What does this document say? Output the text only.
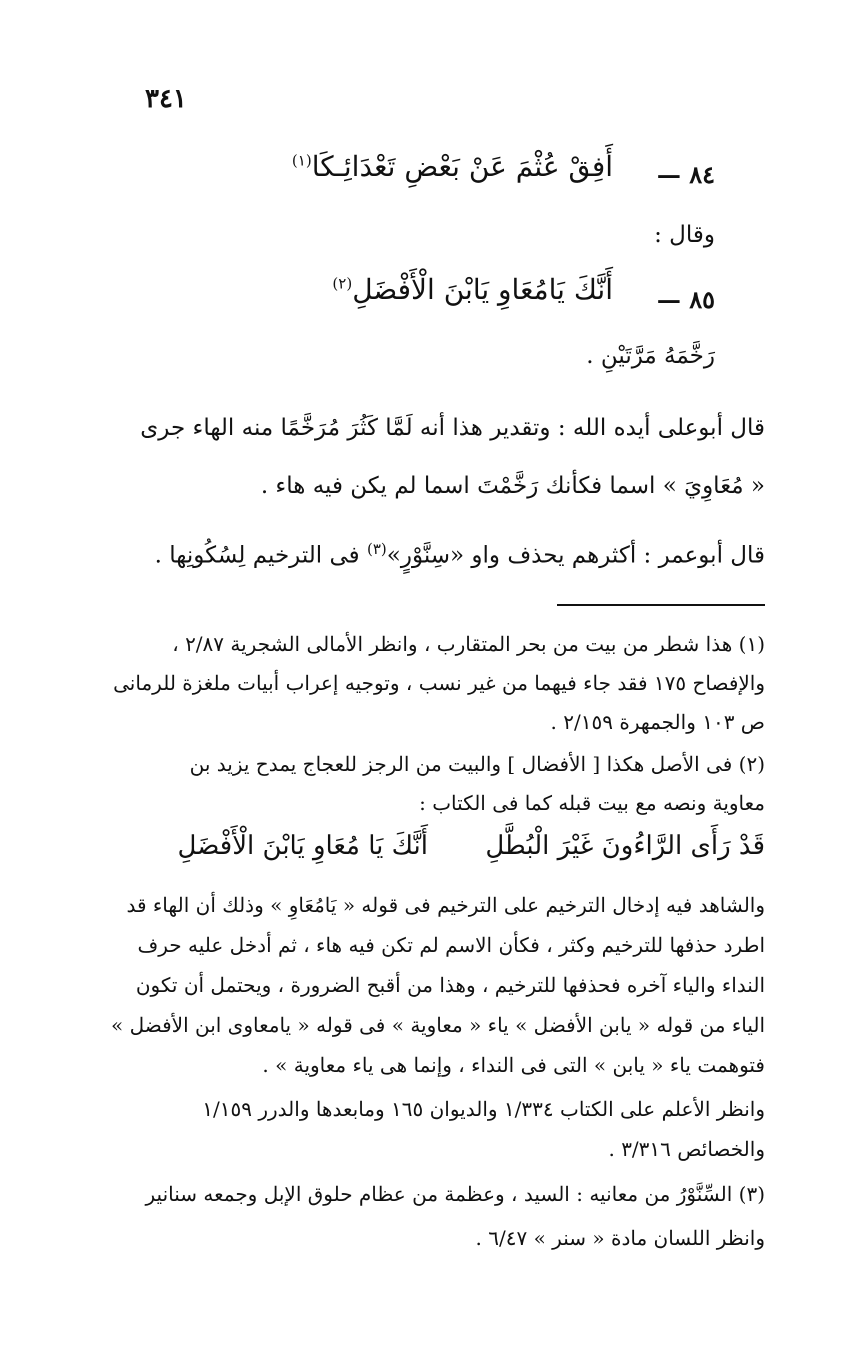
٣٤١
٨٤ —
أَفِقْ عُثْمَ عَنْ بَعْضِ تَعْدَائِـكَا$^{(١)}$
وقال :
٨٥ —
أَنَّكَ يَامُعَاوِ يَابْنَ الْأَفْضَلِ$^{(٢)}$
رَخَّمَهُ مَرَّتَيْنِ .
قال أبوعلى أيده الله : وتقدير هذا أنه لَمَّا كَثُرَ مُرَخَّمًا منه الهاء جرى
« مُعَاوِيَ » اسما فكأنك رَخَّمْتَ اسما لم يكن فيه هاء .
قال أبوعمر : أكثرهم يحذف واو «سِنَّوْرٍ»$^{(٣)}$ فى الترخيم لِسُكُونِها .
(١) هذا شطر من بيت من بحر المتقارب ، وانظر الأمالى الشجرية ٢/٨٧ ،
والإفصاح ١٧٥ فقد جاء فيهما من غير نسب ، وتوجيه إعراب أبيات ملغزة للرمانى
ص ١٠٣ والجمهرة ٢/١٥٩ .
(٢) فى الأصل هكذا [ الأفضال ] والبيت من الرجز للعجاج يمدح يزيد بن
معاوية ونصه مع بيت قبله كما فى الكتاب :
قَدْ رَأَى الرَّاءُونَ غَيْرَ الْبُطَّلِ
أَنَّكَ يَا مُعَاوِ يَابْنَ الْأَفْضَلِ
والشاهد فيه إدخال الترخيم على الترخيم فى قوله « يَامُعَاوِ » وذلك أن الهاء قد
اطرد حذفها للترخيم وكثر ، فكأن الاسم لم تكن فيه هاء ، ثم أدخل عليه حرف
النداء والياء آخره فحذفها للترخيم ، وهذا من أقبح الضرورة ، ويحتمل أن تكون
الياء من قوله « يابن الأفضل » ياء « معاوية » فى قوله « يامعاوى ابن الأفضل »
فتوهمت ياء « يابن » التى فى النداء ، وإنما هى ياء معاوية » .
وانظر الأعلم على الكتاب ١/٣٣٤ والديوان ١٦٥ ومابعدها والدرر ١/١٥٩
والخصائص ٣/٣١٦ .
(٣) السِّنَّوْرُ من معانيه : السيد ، وعظمة من عظام حلوق الإبل وجمعه سنانير
وانظر اللسان مادة « سنر » ٦/٤٧ .
